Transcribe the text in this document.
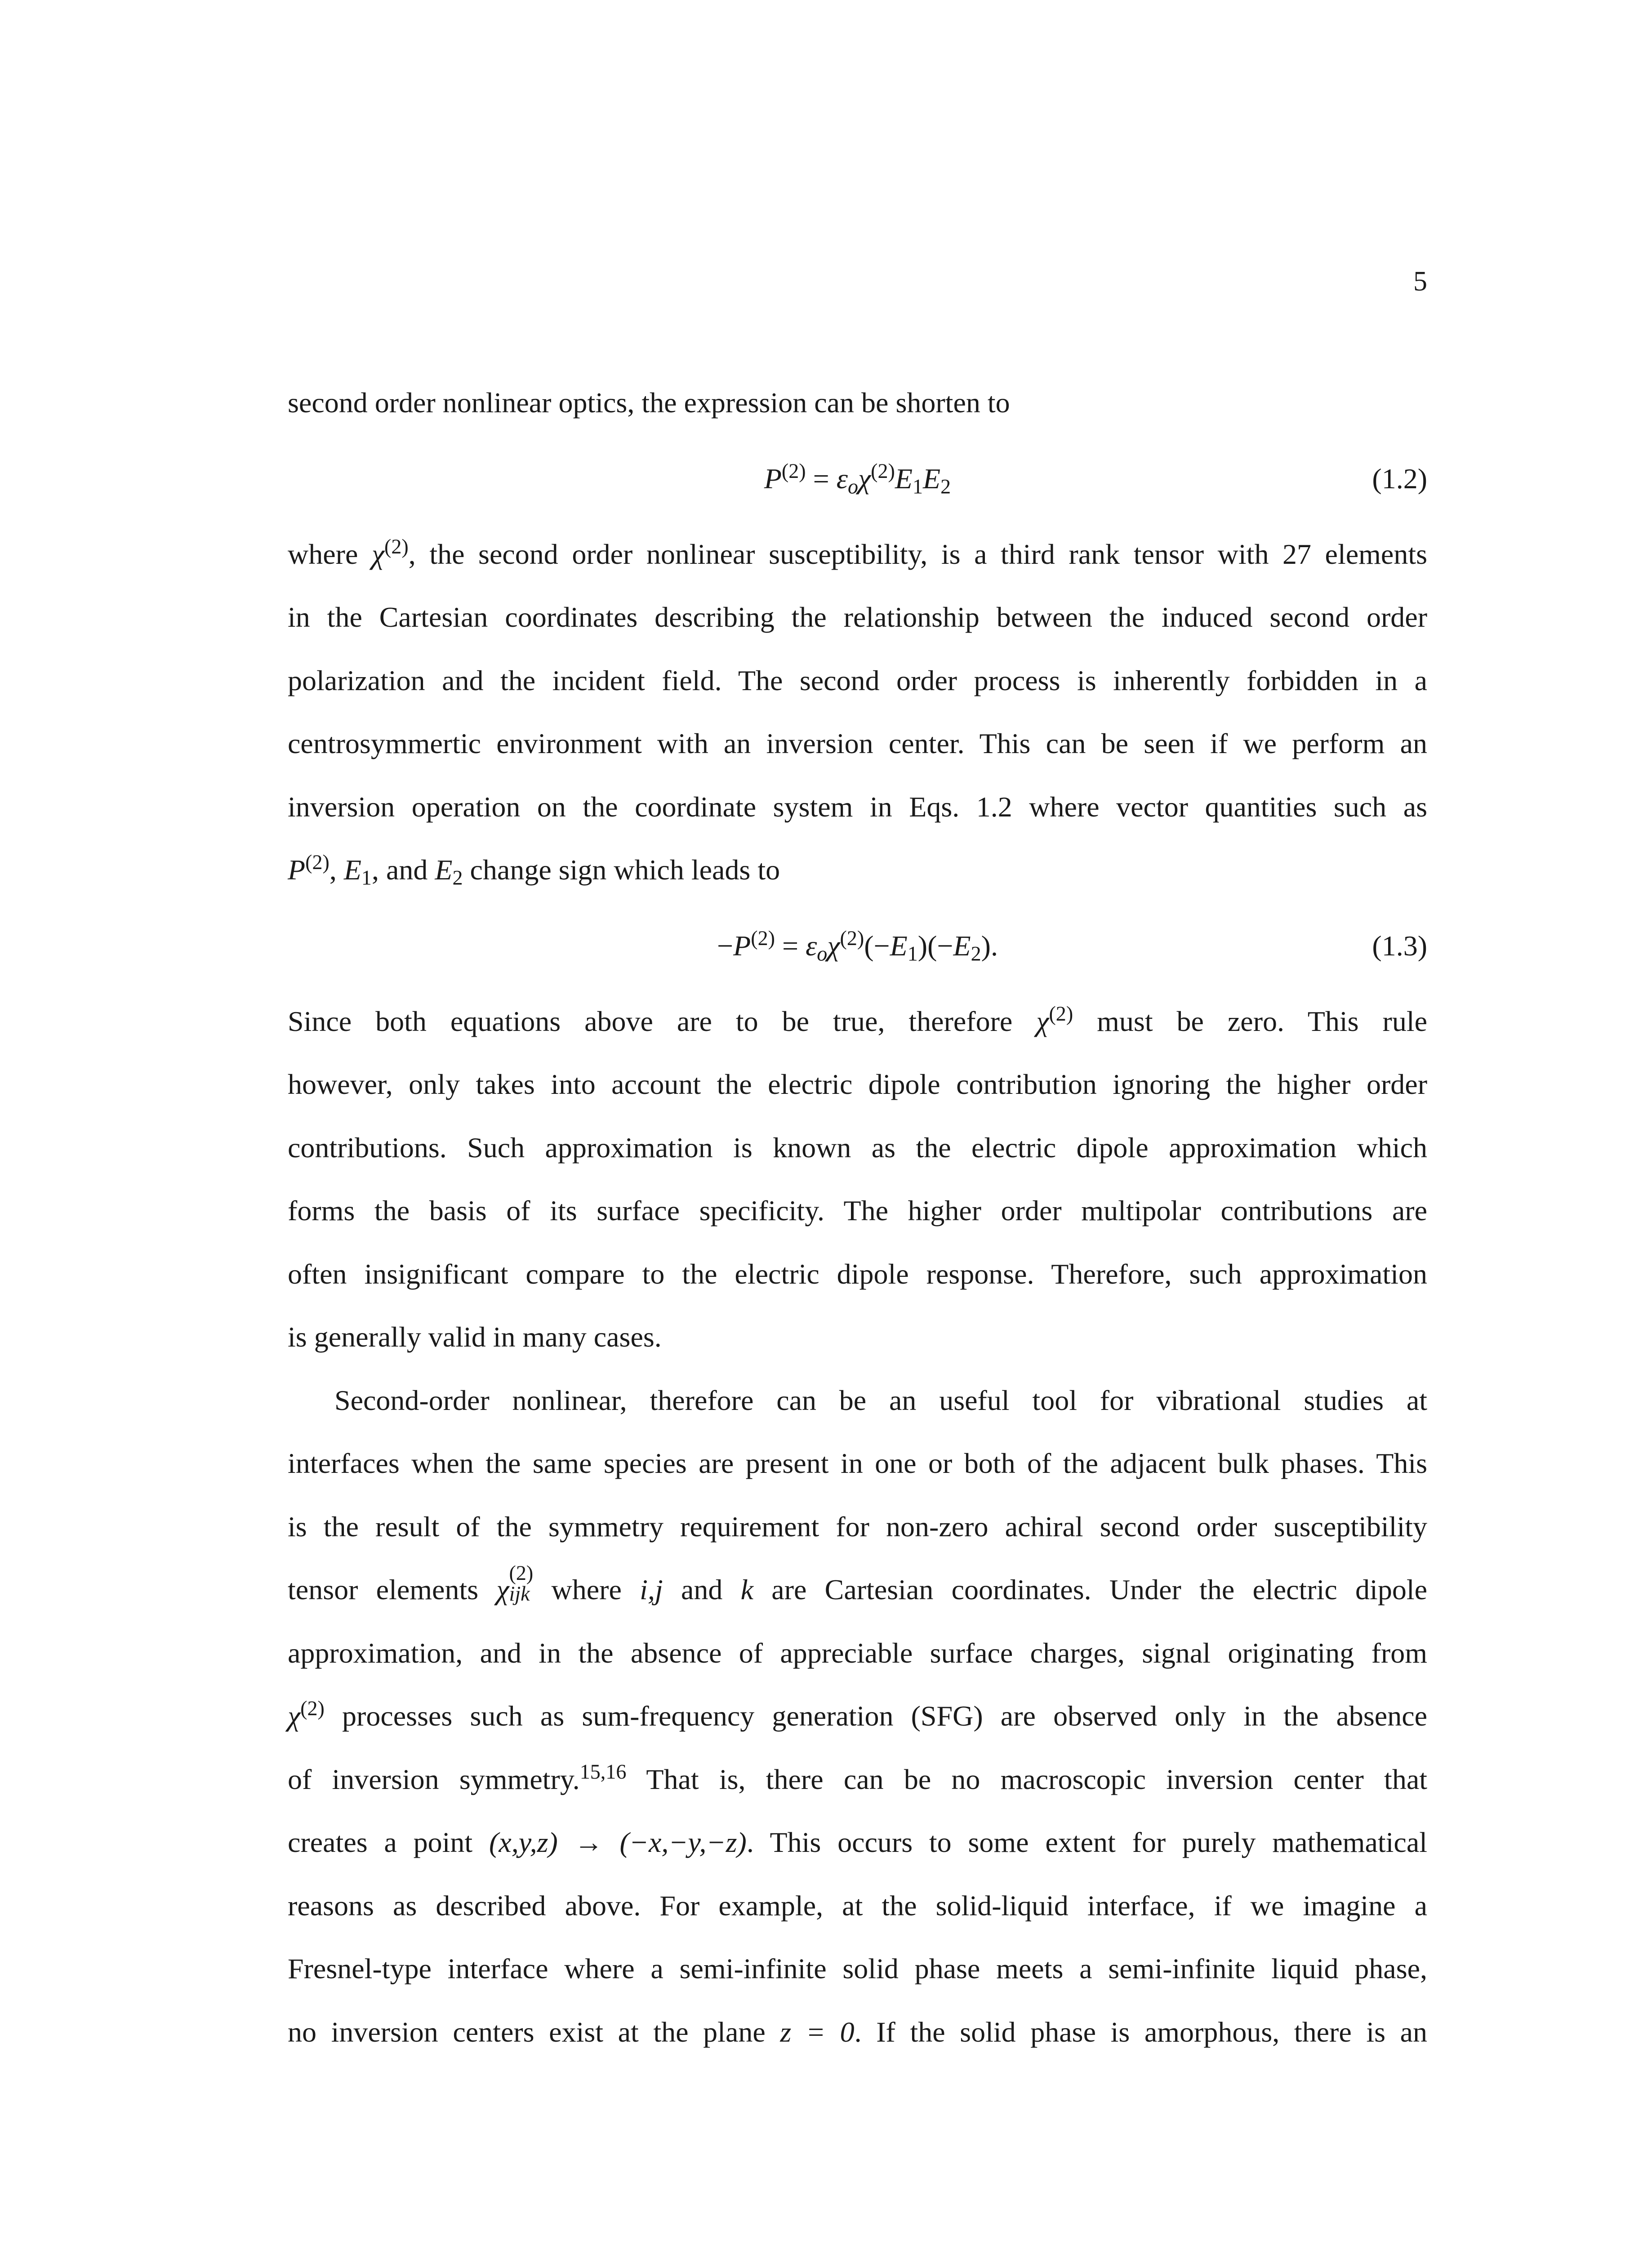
5
second order nonlinear optics, the expression can be shorten to
$P^{(2)} = \varepsilon_o\chi^{(2)}E_1E_2$	(1.2)
where $\chi^{(2)}$, the second order nonlinear susceptibility, is a third rank tensor with 27 elements
in the Cartesian coordinates describing the relationship between the induced second order
polarization and the incident field. The second order process is inherently forbidden in a
centrosymmertic environment with an inversion center. This can be seen if we perform an
inversion operation on the coordinate system in Eqs. 1.2 where vector quantities such as
$P^{(2)}$, $E_1$, and $E_2$ change sign which leads to
$-P^{(2)} = \varepsilon_o\chi^{(2)}(-E_1)(-E_2)$.	(1.3)
Since both equations above are to be true, therefore $\chi^{(2)}$ must be zero. This rule
however, only takes into account the electric dipole contribution ignoring the higher order
contributions. Such approximation is known as the electric dipole approximation which
forms the basis of its surface specificity. The higher order multipolar contributions are
often insignificant compare to the electric dipole response. Therefore, such approximation
is generally valid in many cases.
Second-order nonlinear, therefore can be an useful tool for vibrational studies at
interfaces when the same species are present in one or both of the adjacent bulk phases. This
is the result of the symmetry requirement for non-zero achiral second order susceptibility
tensor elements χ
(2)
ijk where i,j and k are Cartesian coordinates. Under the electric dipole
approximation, and in the absence of appreciable surface charges, signal originating from
$\chi^{(2)}$ processes such as sum-frequency generation (SFG) are observed only in the absence
of inversion symmetry.$^{15,16}$ That is, there can be no macroscopic inversion center that
creates a point (x,y,z) → (−x,−y,−z). This occurs to some extent for purely mathematical
reasons as described above. For example, at the solid-liquid interface, if we imagine a
Fresnel-type interface where a semi-infinite solid phase meets a semi-infinite liquid phase,
no inversion centers exist at the plane z = 0. If the solid phase is amorphous, there is an
